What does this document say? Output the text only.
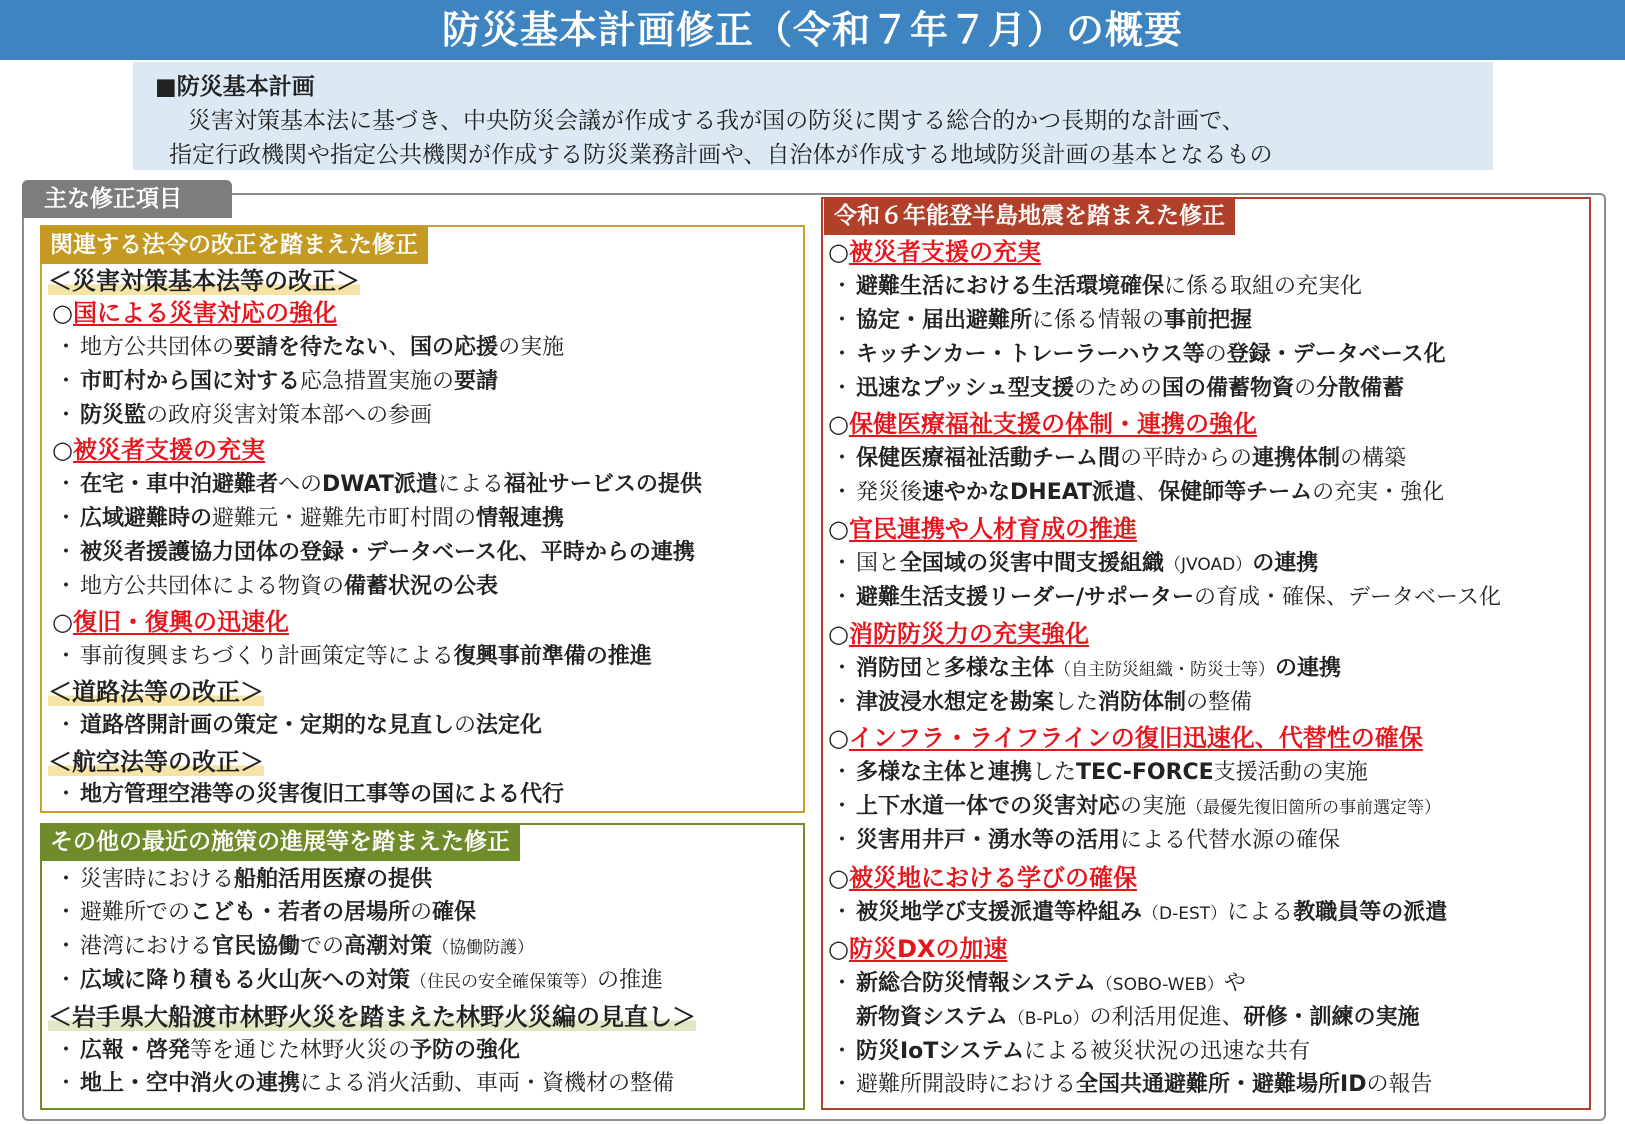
防災基本計画修正（令和７年７月）の概要
■防災基本計画
災害対策基本法に基づき、中央防災会議が作成する我が国の防災に関する総合的かつ長期的な計画で、
指定行政機関や指定公共機関が作成する防災業務計画や、自治体が作成する地域防災計画の基本となるもの
主な修正項目
関連する法令の改正を踏まえた修正
＜災害対策基本法等の改正＞
○国による災害対応の強化
・ 地方公共団体の要請を待たない、国の応援の実施
・ 市町村から国に対する応急措置実施の要請
・ 防災監の政府災害対策本部への参画
○被災者支援の充実
・ 在宅・車中泊避難者へのDWAT派遣による福祉サービスの提供
・ 広域避難時の避難元・避難先市町村間の情報連携
・ 被災者援護協力団体の登録・データベース化、平時からの連携
・ 地方公共団体による物資の備蓄状況の公表
○復旧・復興の迅速化
・ 事前復興まちづくり計画策定等による復興事前準備の推進
＜道路法等の改正＞
・ 道路啓開計画の策定・定期的な見直しの法定化
＜航空法等の改正＞
・ 地方管理空港等の災害復旧工事等の国による代行
その他の最近の施策の進展等を踏まえた修正
・ 災害時における船舶活用医療の提供
・ 避難所でのこども・若者の居場所の確保
・ 港湾における官民協働での高潮対策（協働防護）
・ 広域に降り積もる火山灰への対策（住民の安全確保策等）の推進
＜岩手県大船渡市林野火災を踏まえた林野火災編の見直し＞
・ 広報・啓発等を通じた林野火災の予防の強化
・ 地上・空中消火の連携による消火活動、車両・資機材の整備
令和６年能登半島地震を踏まえた修正
○被災者支援の充実
・ 避難生活における生活環境確保に係る取組の充実化
・ 協定・届出避難所に係る情報の事前把握
・ キッチンカー・トレーラーハウス等の登録・データベース化
・ 迅速なプッシュ型支援のための国の備蓄物資の分散備蓄
○保健医療福祉支援の体制・連携の強化
・ 保健医療福祉活動チーム間の平時からの連携体制の構築
・ 発災後速やかなDHEAT派遣、保健師等チームの充実・強化
○官民連携や人材育成の推進
・ 国と全国域の災害中間支援組織（JVOAD）の連携
・ 避難生活支援リーダー/サポーターの育成・確保、データベース化
○消防防災力の充実強化
・ 消防団と多様な主体（自主防災組織・防災士等）の連携
・ 津波浸水想定を勘案した消防体制の整備
○インフラ・ライフラインの復旧迅速化、代替性の確保
・ 多様な主体と連携したTEC-FORCE支援活動の実施
・ 上下水道一体での災害対応の実施（最優先復旧箇所の事前選定等）
・ 災害用井戸・湧水等の活用による代替水源の確保
○被災地における学びの確保
・ 被災地学び支援派遣等枠組み（D-EST）による教職員等の派遣
○防災DXの加速
・ 新総合防災情報システム（SOBO-WEB）や
新物資システム（B-PLo）の利活用促進、研修・訓練の実施
・ 防災IoTシステムによる被災状況の迅速な共有
・ 避難所開設時における全国共通避難所・避難場所IDの報告
